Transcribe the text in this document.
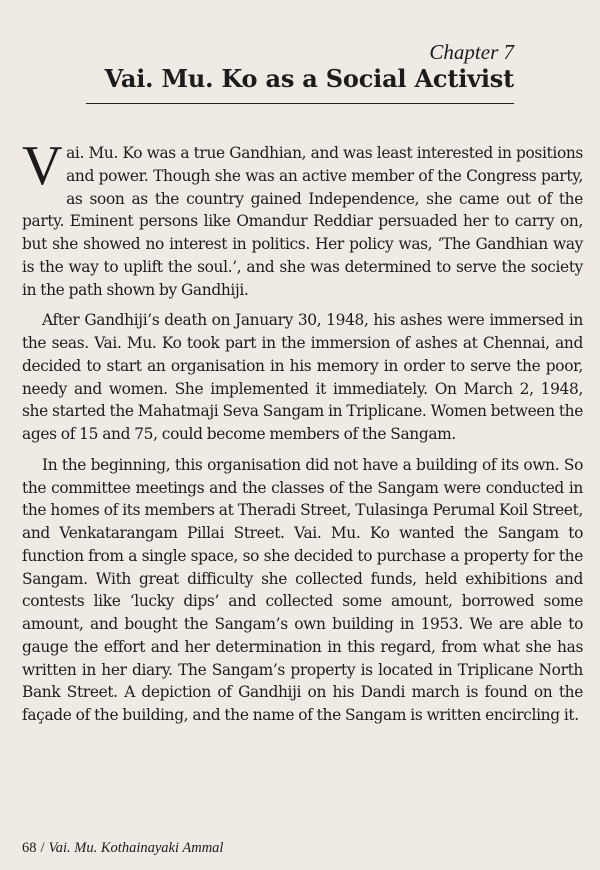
Chapter 7

Vai. Mu. Ko as a Social Activist

Vai. Mu. Ko was a true Gandhian, and was least interested in positions and power. Though she was an active member of the Congress party, as soon as the country gained Independence, she came out of the party. Eminent persons like Omandur Reddiar persuaded her to carry on, but she showed no interest in politics. Her policy was, ‘The Gandhian way is the way to uplift the soul.’, and she was determined to serve the society in the path shown by Gandhiji.

After Gandhiji’s death on January 30, 1948, his ashes were immersed in the seas. Vai. Mu. Ko took part in the immersion of ashes at Chennai, and decided to start an organisation in his memory in order to serve the poor, needy and women. She implemented it immediately. On March 2, 1948, she started the Mahatmaji Seva Sangam in Triplicane. Women between the ages of 15 and 75, could become members of the Sangam.

In the beginning, this organisation did not have a building of its own. So the committee meetings and the classes of the Sangam were conducted in the homes of its members at Theradi Street, Tulasinga Perumal Koil Street, and Venkatarangam Pillai Street. Vai. Mu. Ko wanted the Sangam to function from a single space, so she decided to purchase a property for the Sangam. With great difficulty she collected funds, held exhibitions and contests like ‘lucky dips’ and collected some amount, borrowed some amount, and bought the Sangam’s own building in 1953. We are able to gauge the effort and her determination in this regard, from what she has written in her diary. The Sangam’s property is located in Triplicane North Bank Street. A depiction of Gandhiji on his Dandi march is found on the façade of the building, and the name of the Sangam is written encircling it.

68 / Vai. Mu. Kothainayaki Ammal
